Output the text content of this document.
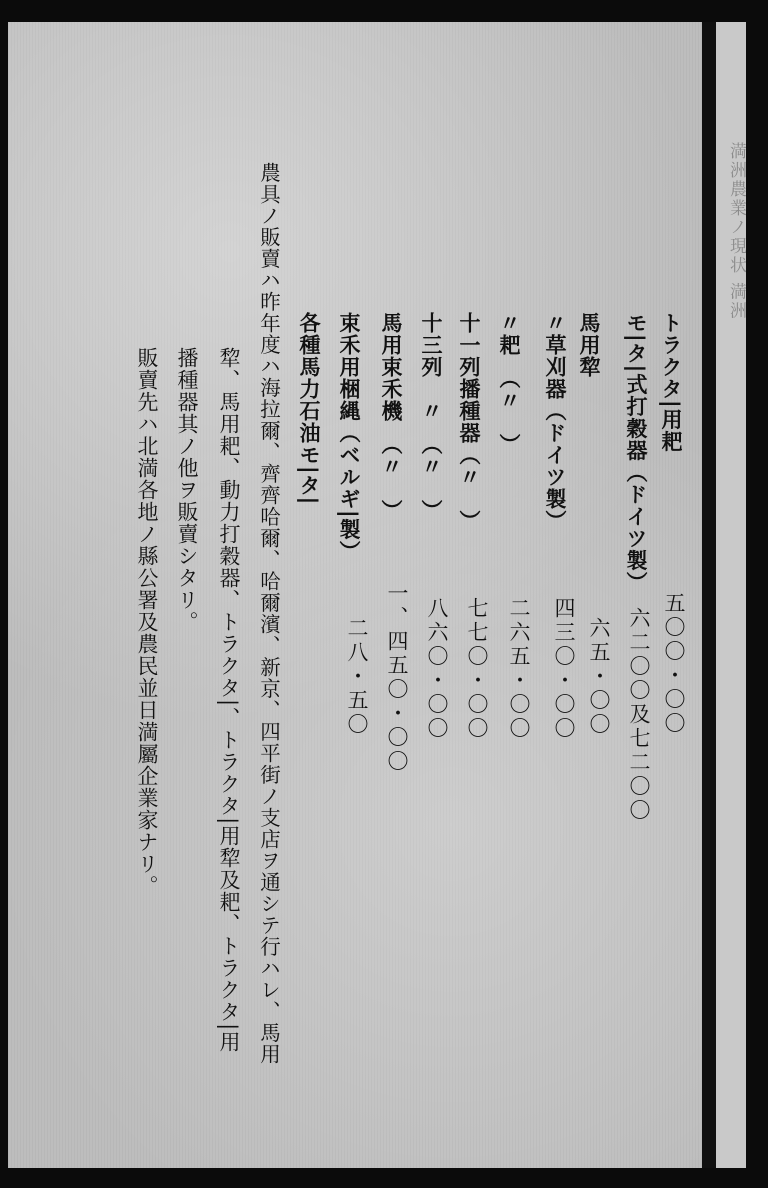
満洲農業ノ現状 満洲
トラクタ|用耙
五〇〇・〇〇
モ|タ|式打穀器（ドイツ製）
六二〇〇及七二〇〇
馬用犂
六五・〇〇
〃草刈器（ドイツ製）
四三〇・〇〇
〃耙　（〃　）
二六五・〇〇
十一列播種器（〃　）
七七〇・〇〇
十三列　〃　（〃　）
八六〇・〇〇
馬用束禾機　（〃　）
一、四五〇・〇〇
束禾用梱縄（ベルギ|製）
二八・五〇
各種馬力石油モ|タ|
農具ノ販賣ハ昨年度ハ海拉爾、齊齊哈爾、哈爾濱、新京、四平街ノ支店ヲ通シテ行ハレ、馬用
犂、馬用耙、動力打穀器、トラクタ|、トラクタ|用犂及耙、トラクタ|用
播種器其ノ他ヲ販賣シタリ。
販賣先ハ北満各地ノ縣公署及農民並日満屬企業家ナリ。
